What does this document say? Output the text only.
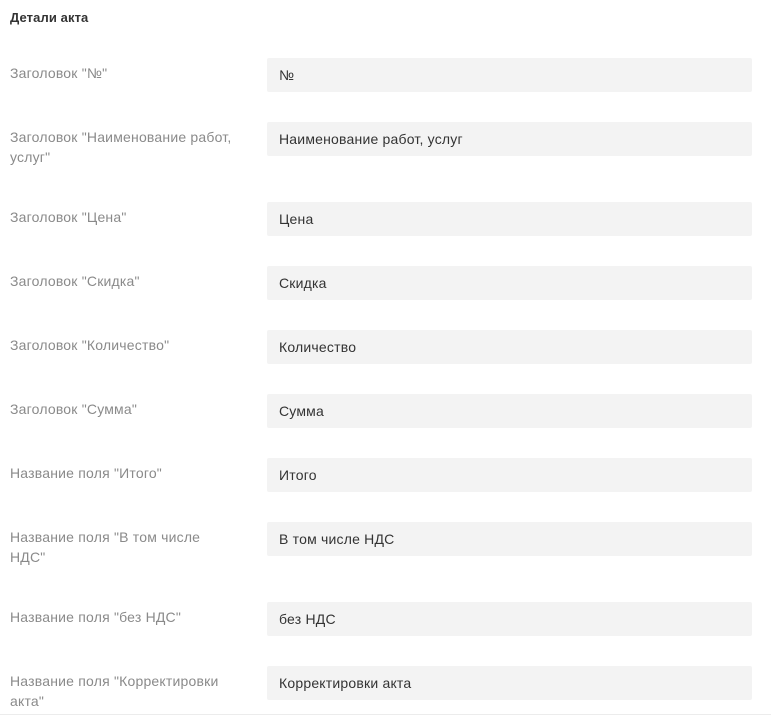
Детали акта
Заголовок "№"
№
Заголовок "Наименование работ, услуг"
Наименование работ, услуг
Заголовок "Цена"
Цена
Заголовок "Скидка"
Скидка
Заголовок "Количество"
Количество
Заголовок "Сумма"
Сумма
Название поля "Итого"
Итого
Название поля "В том числе НДС"
В том числе НДС
Название поля "без НДС"
без НДС
Название поля "Корректировки акта"
Корректировки акта
